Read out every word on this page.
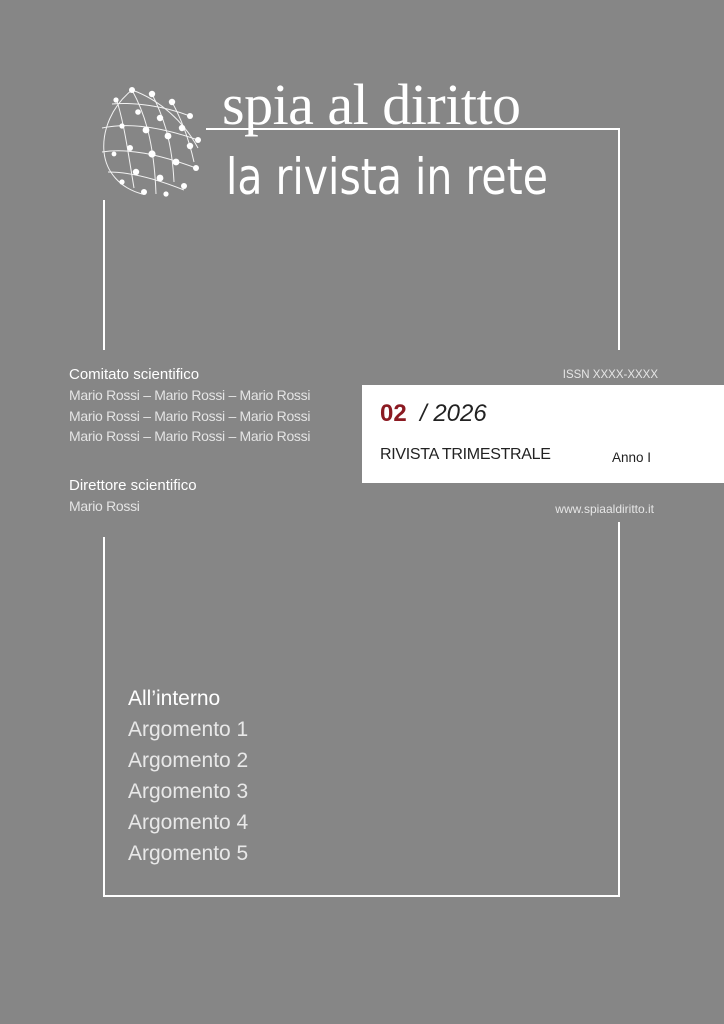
spia al diritto
la rivista in rete
Comitato scientifico
Mario Rossi – Mario Rossi – Mario Rossi
Mario Rossi – Mario Rossi – Mario Rossi
Mario Rossi – Mario Rossi – Mario Rossi
Direttore scientifico
Mario Rossi
ISSN XXXX-XXXX
02 / 2026
RIVISTA TRIMESTRALE	Anno I
www.spiaaldiritto.it
All’interno
Argomento 1
Argomento 2
Argomento 3
Argomento 4
Argomento 5
